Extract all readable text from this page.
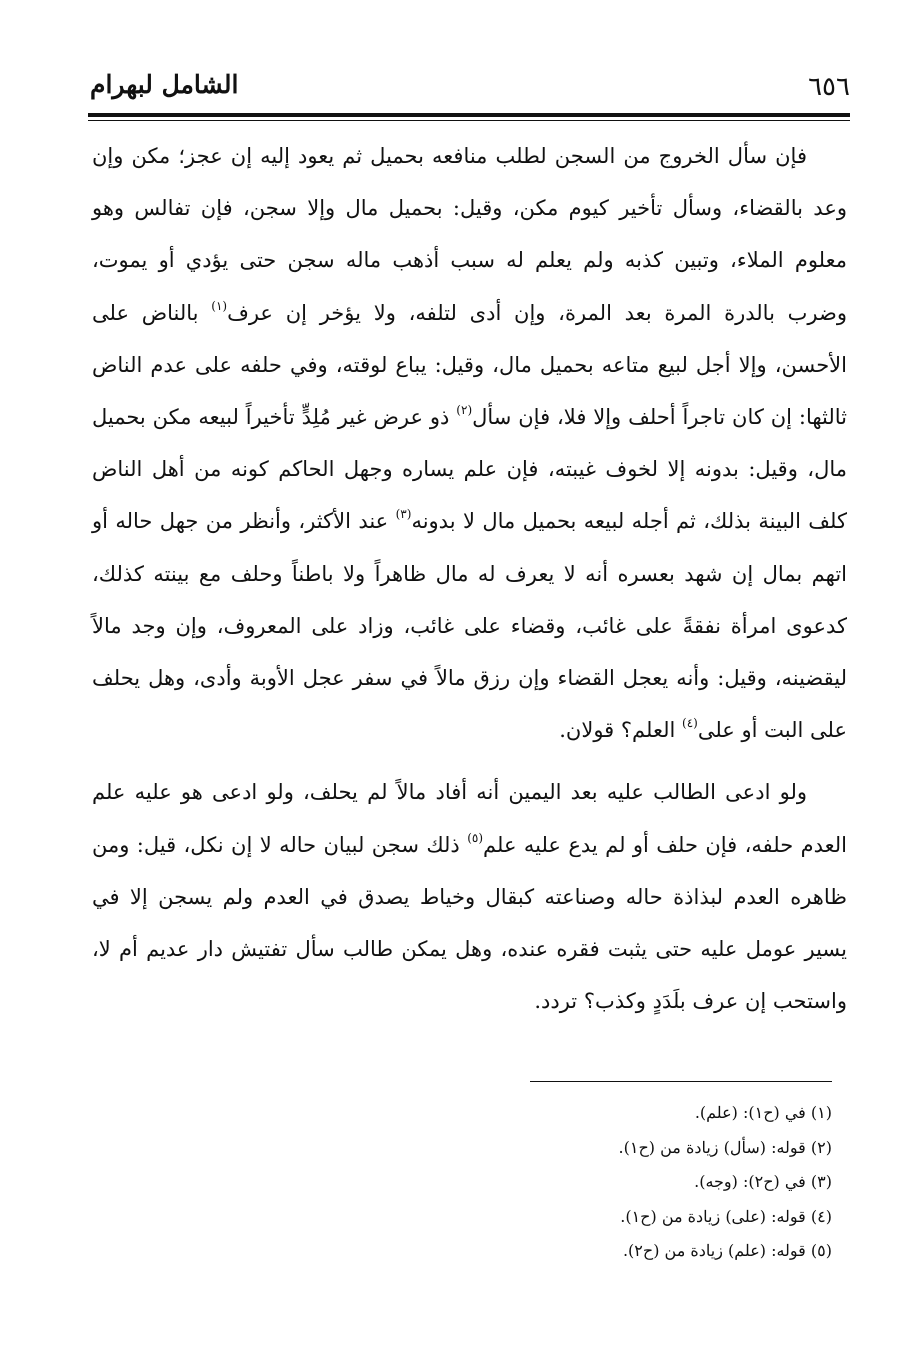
٦٥٦
الشامل لبهرام

فإن سأل الخروج من السجن لطلب منافعه بحميل ثم يعود إليه إن عجز؛ مكن وإن وعد بالقضاء، وسأل تأخير كيوم مكن، وقيل: بحميل مال وإلا سجن، فإن تفالس وهو معلوم الملاء، وتبين كذبه ولم يعلم له سبب أذهب ماله سجن حتى يؤدي أو يموت، وضرب بالدرة المرة بعد المرة، وإن أدى لتلفه، ولا يؤخر إن عرف$^{(١)}$ بالناض على الأحسن، وإلا أجل لبيع متاعه بحميل مال، وقيل: يباع لوقته، وفي حلفه على عدم الناض ثالثها: إن كان تاجراً أحلف وإلا فلا، فإن سأل$^{(٢)}$ ذو عرض غير مُلِدٍّ تأخيراً لبيعه مكن بحميل مال، وقيل: بدونه إلا لخوف غيبته، فإن علم يساره وجهل الحاكم كونه من أهل الناض كلف البينة بذلك، ثم أجله لبيعه بحميل مال لا بدونه$^{(٣)}$ عند الأكثر، وأنظر من جهل حاله أو اتهم بمال إن شهد بعسره أنه لا يعرف له مال ظاهراً ولا باطناً وحلف مع بينته كذلك، كدعوى امرأة نفقةً على غائب، وقضاء على غائب، وزاد على المعروف، وإن وجد مالاً ليقضينه، وقيل: وأنه يعجل القضاء وإن رزق مالاً في سفر عجل الأوبة وأدى، وهل يحلف على البت أو على$^{(٤)}$ العلم؟ قولان.

ولو ادعى الطالب عليه بعد اليمين أنه أفاد مالاً لم يحلف، ولو ادعى هو عليه علم العدم حلفه، فإن حلف أو لم يدع عليه علم$^{(٥)}$ ذلك سجن لبيان حاله لا إن نكل، قيل: ومن ظاهره العدم لبذاذة حاله وصناعته كبقال وخياط يصدق في العدم ولم يسجن إلا في يسير عومل عليه حتى يثبت فقره عنده، وهل يمكن طالب سأل تفتيش دار عديم أم لا، واستحب إن عرف بلَدَدٍ وكذب؟ تردد.

(١) في (ح١): (علم).
(٢) قوله: (سأل) زيادة من (ح١).
(٣) في (ح٢): (وجه).
(٤) قوله: (على) زيادة من (ح١).
(٥) قوله: (علم) زيادة من (ح٢).
